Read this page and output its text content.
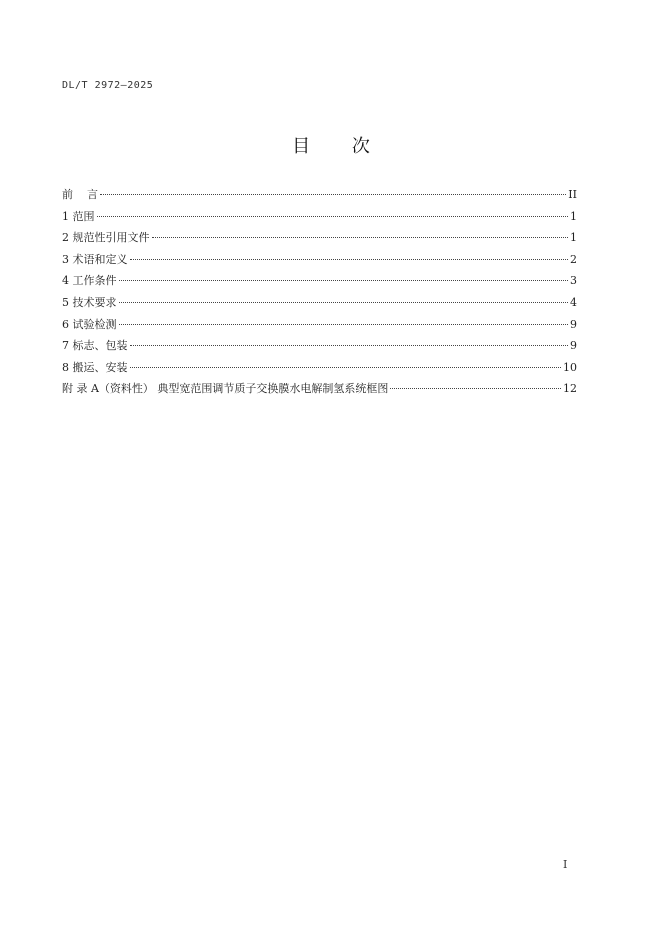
DL/T 2972—2025
目 次
前    言	II
1 范围	1
2 规范性引用文件	1
3 术语和定义	2
4 工作条件	3
5 技术要求	4
6 试验检测	9
7 标志、包装	9
8 搬运、安装	10
附 录 A（资料性） 典型宽范围调节质子交换膜水电解制氢系统框图	12
I
